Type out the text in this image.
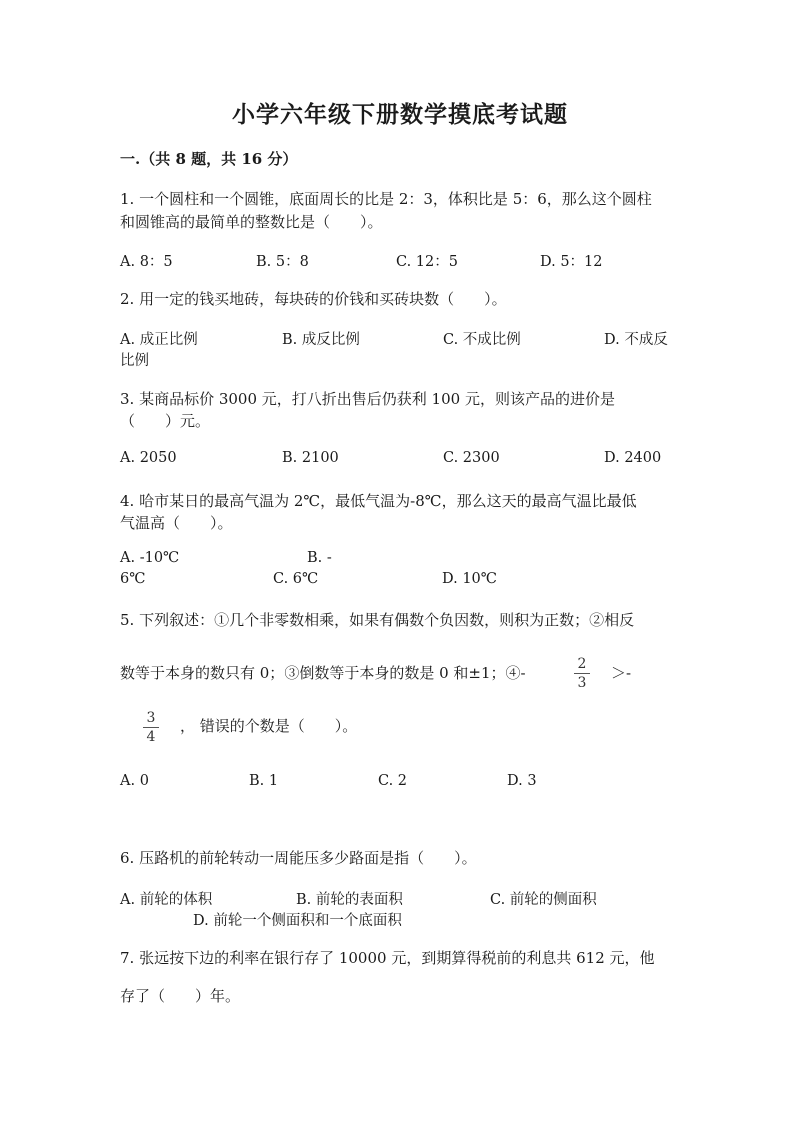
小学六年级下册数学摸底考试题
一.（共 8 题，共 16 分）
1. 一个圆柱和一个圆锥，底面周长的比是 2：3，体积比是 5：6，那么这个圆柱
和圆锥高的最简单的整数比是（　　）。
A. 8：5	B. 5：8	C. 12：5	D. 5：12
2. 用一定的钱买地砖，每块砖的价钱和买砖块数（　　）。
A. 成正比例	B. 成反比例	C. 不成比例	D. 不成反
比例
3. 某商品标价 3000 元，打八折出售后仍获利 100 元，则该产品的进价是
（　　）元。
A. 2050	B. 2100	C. 2300	D. 2400
4. 哈市某日的最高气温为 2℃，最低气温为-8℃，那么这天的最高气温比最低
气温高（　　）。
A. -10℃	B. -
6℃	C. 6℃	D. 10℃
5. 下列叙述：①几个非零数相乘，如果有偶数个负因数，则积为正数；②相反
数等于本身的数只有 0；③倒数等于本身的数是 0 和±1；④-	2
3
＞-
3
4
， 错误的个数是（　　）。
A. 0	B. 1	C. 2	D. 3
6. 压路机的前轮转动一周能压多少路面是指（　　）。
A. 前轮的体积	B. 前轮的表面积	C. 前轮的侧面积
D. 前轮一个侧面积和一个底面积
7. 张远按下边的利率在银行存了 10000 元，到期算得税前的利息共 612 元，他
存了（　　）年。
